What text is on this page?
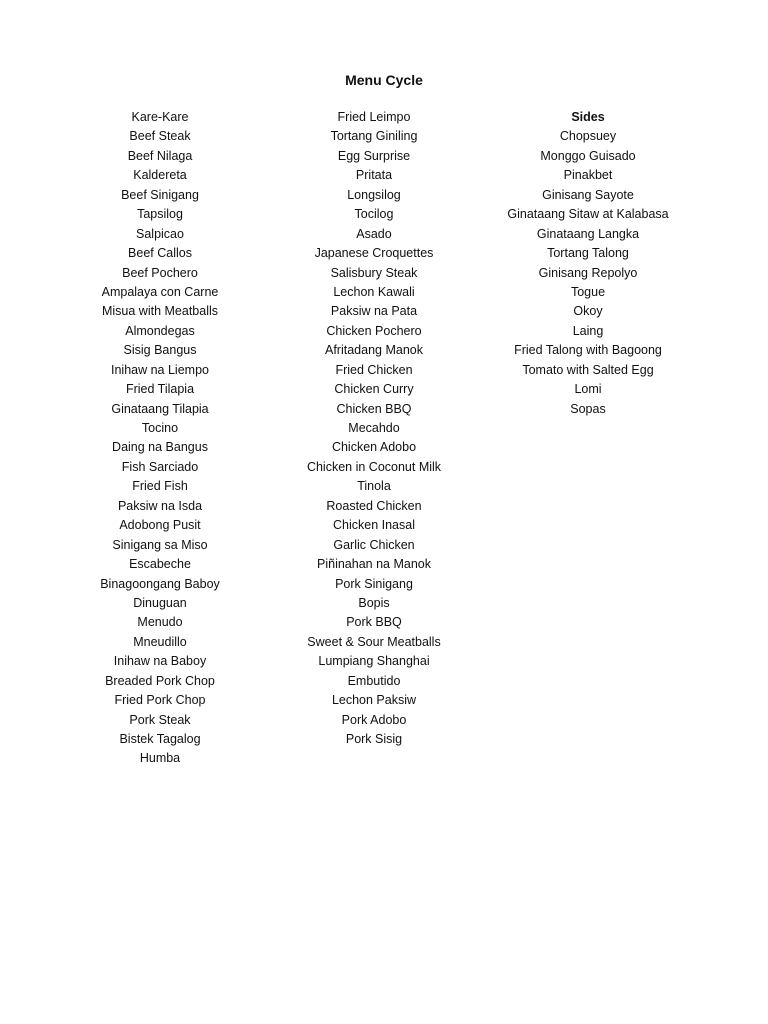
Menu Cycle
Kare-Kare
Beef Steak
Beef Nilaga
Kaldereta
Beef Sinigang
Tapsilog
Salpicao
Beef Callos
Beef Pochero
Ampalaya con Carne
Misua with Meatballs
Almondegas
Sisig Bangus
Inihaw na Liempo
Fried Tilapia
Ginataang Tilapia
Tocino
Daing na Bangus
Fish Sarciado
Fried Fish
Paksiw na Isda
Adobong Pusit
Sinigang sa Miso
Escabeche
Binagoongang Baboy
Dinuguan
Menudo
Mneudillo
Inihaw na Baboy
Breaded Pork Chop
Fried Pork Chop
Pork Steak
Bistek Tagalog
Humba
Fried Leimpo
Tortang Giniling
Egg Surprise
Pritata
Longsilog
Tocilog
Asado
Japanese Croquettes
Salisbury Steak
Lechon Kawali
Paksiw na Pata
Chicken Pochero
Afritadang Manok
Fried Chicken
Chicken Curry
Chicken BBQ
Mecahdo
Chicken Adobo
Chicken in Coconut Milk
Tinola
Roasted Chicken
Chicken Inasal
Garlic Chicken
Piñinahan na Manok
Pork Sinigang
Bopis
Pork BBQ
Sweet & Sour Meatballs
Lumpiang Shanghai
Embutido
Lechon Paksiw
Pork Adobo
Pork Sisig
Sides
Chopsuey
Monggo Guisado
Pinakbet
Ginisang Sayote
Ginataang Sitaw at Kalabasa
Ginataang Langka
Tortang Talong
Ginisang Repolyo
Togue
Okoy
Laing
Fried Talong with Bagoong
Tomato with Salted Egg
Lomi
Sopas
